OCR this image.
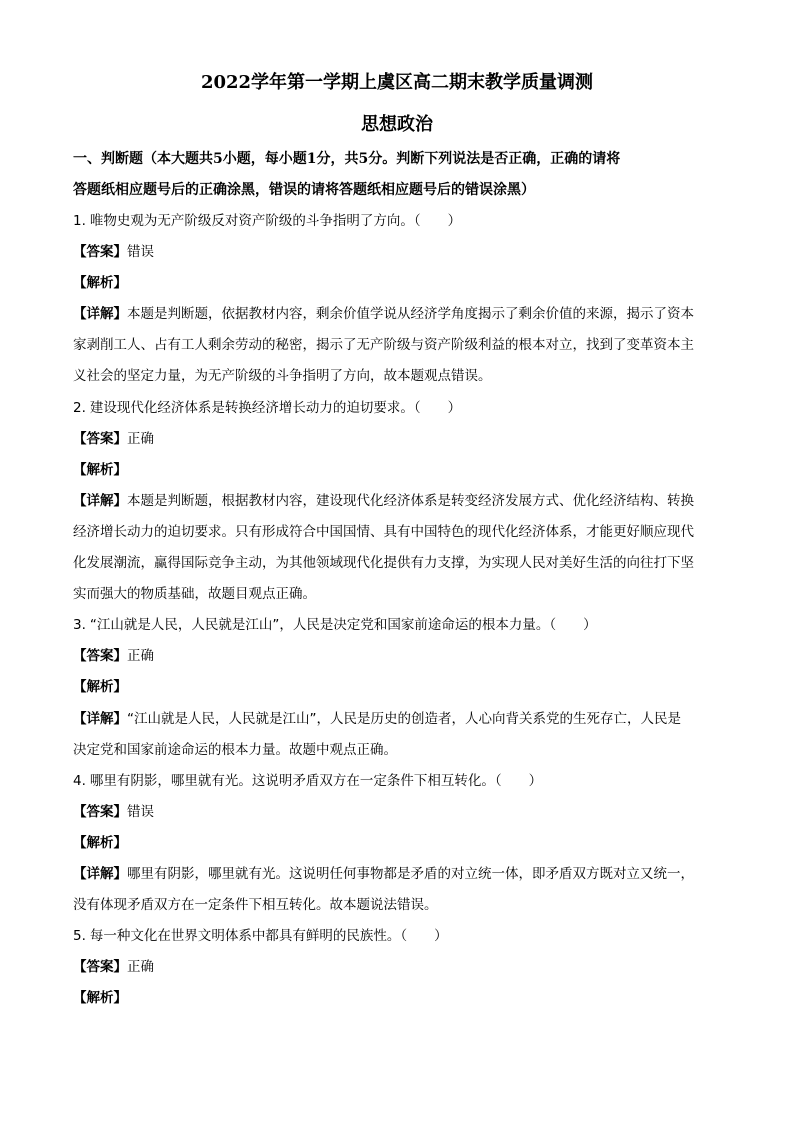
2022学年第一学期上虞区高二期末教学质量调测
思想政治

一、判断题（本大题共5小题，每小题1分，共5分。判断下列说法是否正确，正确的请将

答题纸相应题号后的正确涂黑，错误的请将答题纸相应题号后的错误涂黑）

1. 唯物史观为无产阶级反对资产阶级的斗争指明了方向。（　　）

【答案】错误

【解析】

【详解】本题是判断题，依据教材内容，剩余价值学说从经济学角度揭示了剩余价值的来源，揭示了资本

家剥削工人、占有工人剩余劳动的秘密，揭示了无产阶级与资产阶级利益的根本对立，找到了变革资本主

义社会的坚定力量，为无产阶级的斗争指明了方向，故本题观点错误。

2. 建设现代化经济体系是转换经济增长动力的迫切要求。（　　）

【答案】正确

【解析】

【详解】本题是判断题，根据教材内容，建设现代化经济体系是转变经济发展方式、优化经济结构、转换

经济增长动力的迫切要求。只有形成符合中国国情、具有中国特色的现代化经济体系，才能更好顺应现代

化发展潮流，赢得国际竞争主动，为其他领域现代化提供有力支撑，为实现人民对美好生活的向往打下坚

实而强大的物质基础，故题目观点正确。

3. “江山就是人民，人民就是江山”，人民是决定党和国家前途命运的根本力量。（　　）

【答案】正确

【解析】

【详解】“江山就是人民，人民就是江山”，人民是历史的创造者，人心向背关系党的生死存亡，人民是

决定党和国家前途命运的根本力量。故题中观点正确。

4. 哪里有阴影，哪里就有光。这说明矛盾双方在一定条件下相互转化。（　　）

【答案】错误

【解析】

【详解】哪里有阴影，哪里就有光。这说明任何事物都是矛盾的对立统一体，即矛盾双方既对立又统一，

没有体现矛盾双方在一定条件下相互转化。故本题说法错误。

5. 每一种文化在世界文明体系中都具有鲜明的民族性。（　　）

【答案】正确

【解析】
